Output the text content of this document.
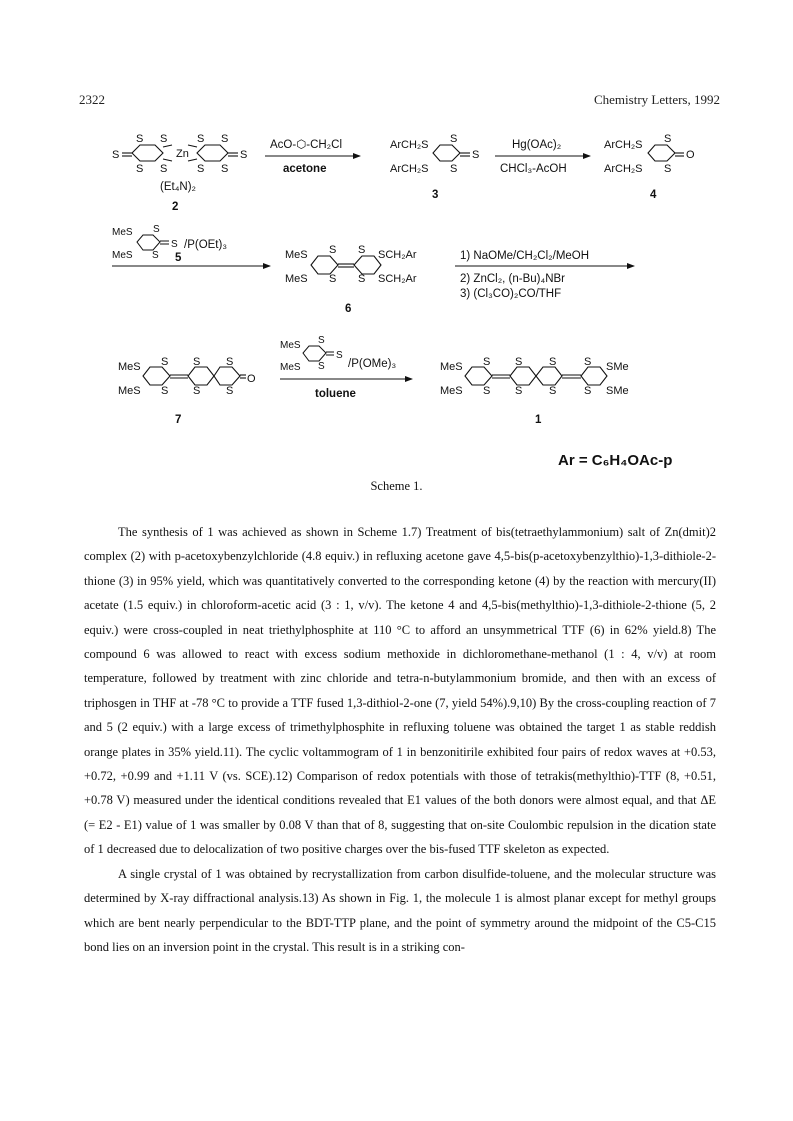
2322	Chemistry Letters, 1992
S S	S S
S	Zn	S
S S	S S
(Et₄N)₂
2
AcO-⬡-CH₂Cl
acetone
ArCH₂S S
S
ArCH₂S S
3
Hg(OAc)₂
CHCl₃-AcOH
ArCH₂S S
O
ArCH₂S S
4
MeS S
S
MeS S
/P(OEt)₃
5	MeS S S SCH₂Ar
MeS S S SCH₂Ar
6
1) NaOMe/CH₂Cl₂/MeOH
2) ZnCl₂, (n-Bu)₄NBr
3) (Cl₃CO)₂CO/THF
MeS S S S
O
MeS S S S
7
MeS S
S
MeS S /P(OMe)₃
toluene
MeS S S S	S SMe
MeS S S S	S SMe
1
Ar = C₆H₄OAc-p
Scheme 1.

The synthesis of 1 was achieved as shown in Scheme 1.7) Treatment of bis(tetraethylammonium) salt of Zn(dmit)2 complex (2) with p-acetoxybenzylchloride (4.8 equiv.) in refluxing acetone gave 4,5-bis(p-acetoxybenzylthio)-1,3-dithiole-2-thione (3) in 95% yield, which was quantitatively converted to the corresponding ketone (4) by the reaction with mercury(II) acetate (1.5 equiv.) in chloroform-acetic acid (3 : 1, v/v). The ketone 4 and 4,5-bis(methylthio)-1,3-dithiole-2-thione (5, 2 equiv.) were cross-coupled in neat triethylphosphite at 110 °C to afford an unsymmetrical TTF (6) in 62% yield.8) The compound 6 was allowed to react with excess sodium methoxide in dichloromethane-methanol (1 : 4, v/v) at room temperature, followed by treatment with zinc chloride and tetra-n-butylammonium bromide, and then with an excess of triphosgen in THF at -78 °C to provide a TTF fused 1,3-dithiol-2-one (7, yield 54%).9,10) By the cross-coupling reaction of 7 and 5 (2 equiv.) with a large excess of trimethylphosphite in refluxing toluene was obtained the target 1 as stable reddish orange plates in 35% yield.11). The cyclic voltammogram of 1 in benzonitirile exhibited four pairs of redox waves at +0.53, +0.72, +0.99 and +1.11 V (vs. SCE).12) Comparison of redox potentials with those of tetrakis(methylthio)-TTF (8, +0.51, +0.78 V) measured under the identical conditions revealed that E1 values of the both donors were almost equal, and that ΔE (= E2 - E1) value of 1 was smaller by 0.08 V than that of 8, suggesting that on-site Coulombic repulsion in the dication state of 1 decreased due to delocalization of two positive charges over the bis-fused TTF skeleton as expected.

A single crystal of 1 was obtained by recrystallization from carbon disulfide-toluene, and the molecular structure was determined by X-ray diffractional analysis.13) As shown in Fig. 1, the molecule 1 is almost planar except for methyl groups which are bent nearly perpendicular to the BDT-TTP plane, and the point of symmetry around the midpoint of the C5-C15 bond lies on an inversion point in the crystal. This result is in a striking con-
